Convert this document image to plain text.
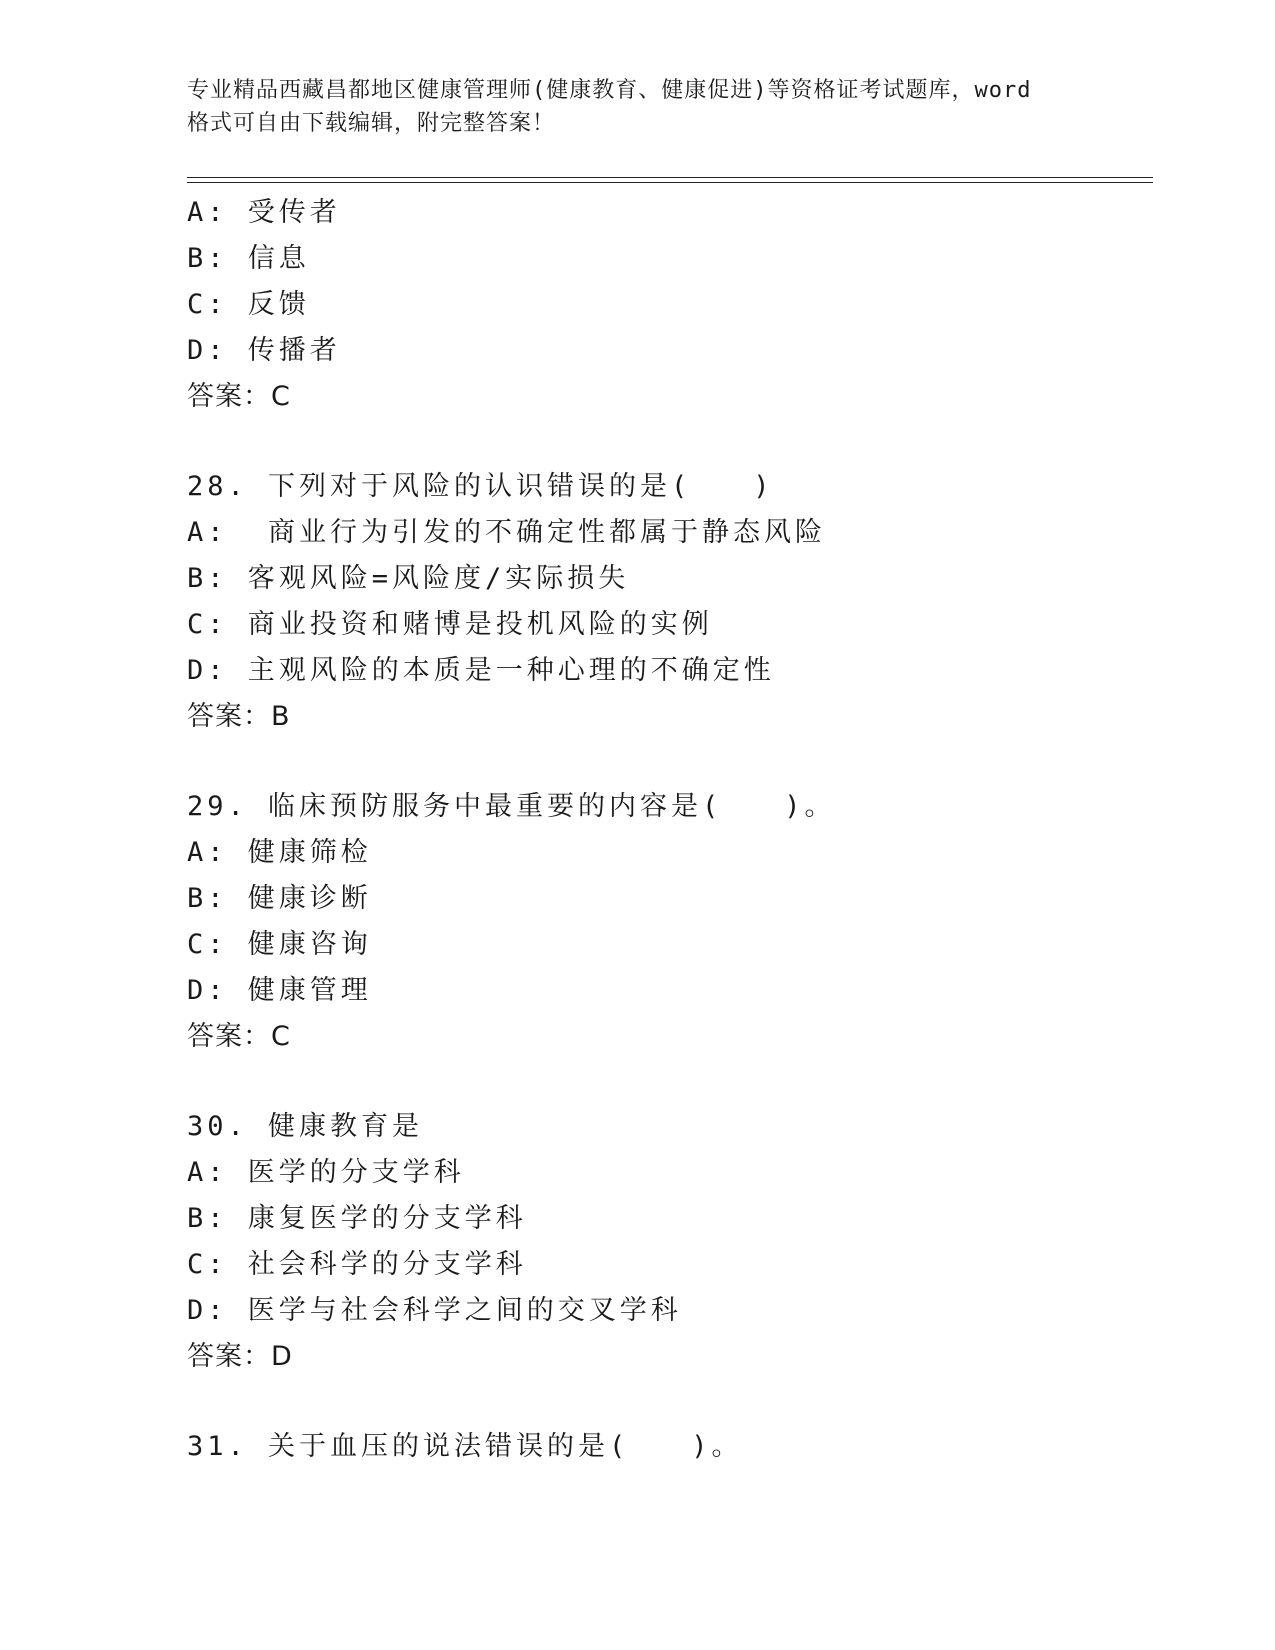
专业精品西藏昌都地区健康管理师(健康教育、健康促进)等资格证考试题库，word
格式可自由下载编辑，附完整答案！
A: 受传者
B: 信息
C: 反馈
D: 传播者
答案：C
28. 下列对于风险的认识错误的是(　　)
A:  商业行为引发的不确定性都属于静态风险
B: 客观风险=风险度/实际损失
C: 商业投资和赌博是投机风险的实例
D: 主观风险的本质是一种心理的不确定性
答案：B
29. 临床预防服务中最重要的内容是(　　)。
A: 健康筛检
B: 健康诊断
C: 健康咨询
D: 健康管理
答案：C
30. 健康教育是
A: 医学的分支学科
B: 康复医学的分支学科
C: 社会科学的分支学科
D: 医学与社会科学之间的交叉学科
答案：D
31. 关于血压的说法错误的是(　　)。
